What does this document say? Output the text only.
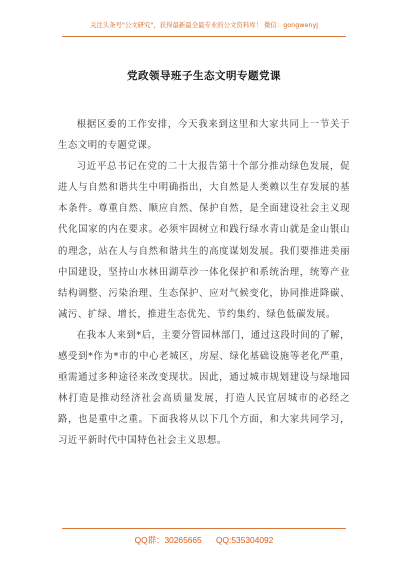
关注头条号"公文研究"，获得最新最全最专业的公文资料库！ 微信：gongwenyj
党政领导班子生态文明专题党课

根据区委的工作安排，今天我来到这里和大家共同上一节关于生态文明的专题党课。

习近平总书记在党的二十大报告第十个部分推动绿色发展，促进人与自然和谐共生中明确指出，大自然是人类赖以生存发展的基本条件。尊重自然、顺应自然、保护自然，是全面建设社会主义现代化国家的内在要求。必须牢固树立和践行绿水青山就是金山银山的理念，站在人与自然和谐共生的高度谋划发展。我们要推进美丽中国建设，坚持山水林田湖草沙一体化保护和系统治理，统筹产业结构调整、污染治理、生态保护、应对气候变化，协同推进降碳、减污、扩绿、增长，推进生态优先、节约集约、绿色低碳发展。

在我本人来到*后，主要分管园林部门，通过这段时间的了解，感受到*作为*市的中心老城区，房屋、绿化基础设施等老化严重，亟需通过多种途径来改变现状。因此，通过城市规划建设与绿地园林打造是推动经济社会高质量发展，打造人民宜居城市的必经之路，也是重中之重。下面我将从以下几个方面，和大家共同学习，习近平新时代中国特色社会主义思想。

QQ群：30265665 QQ:535304092
